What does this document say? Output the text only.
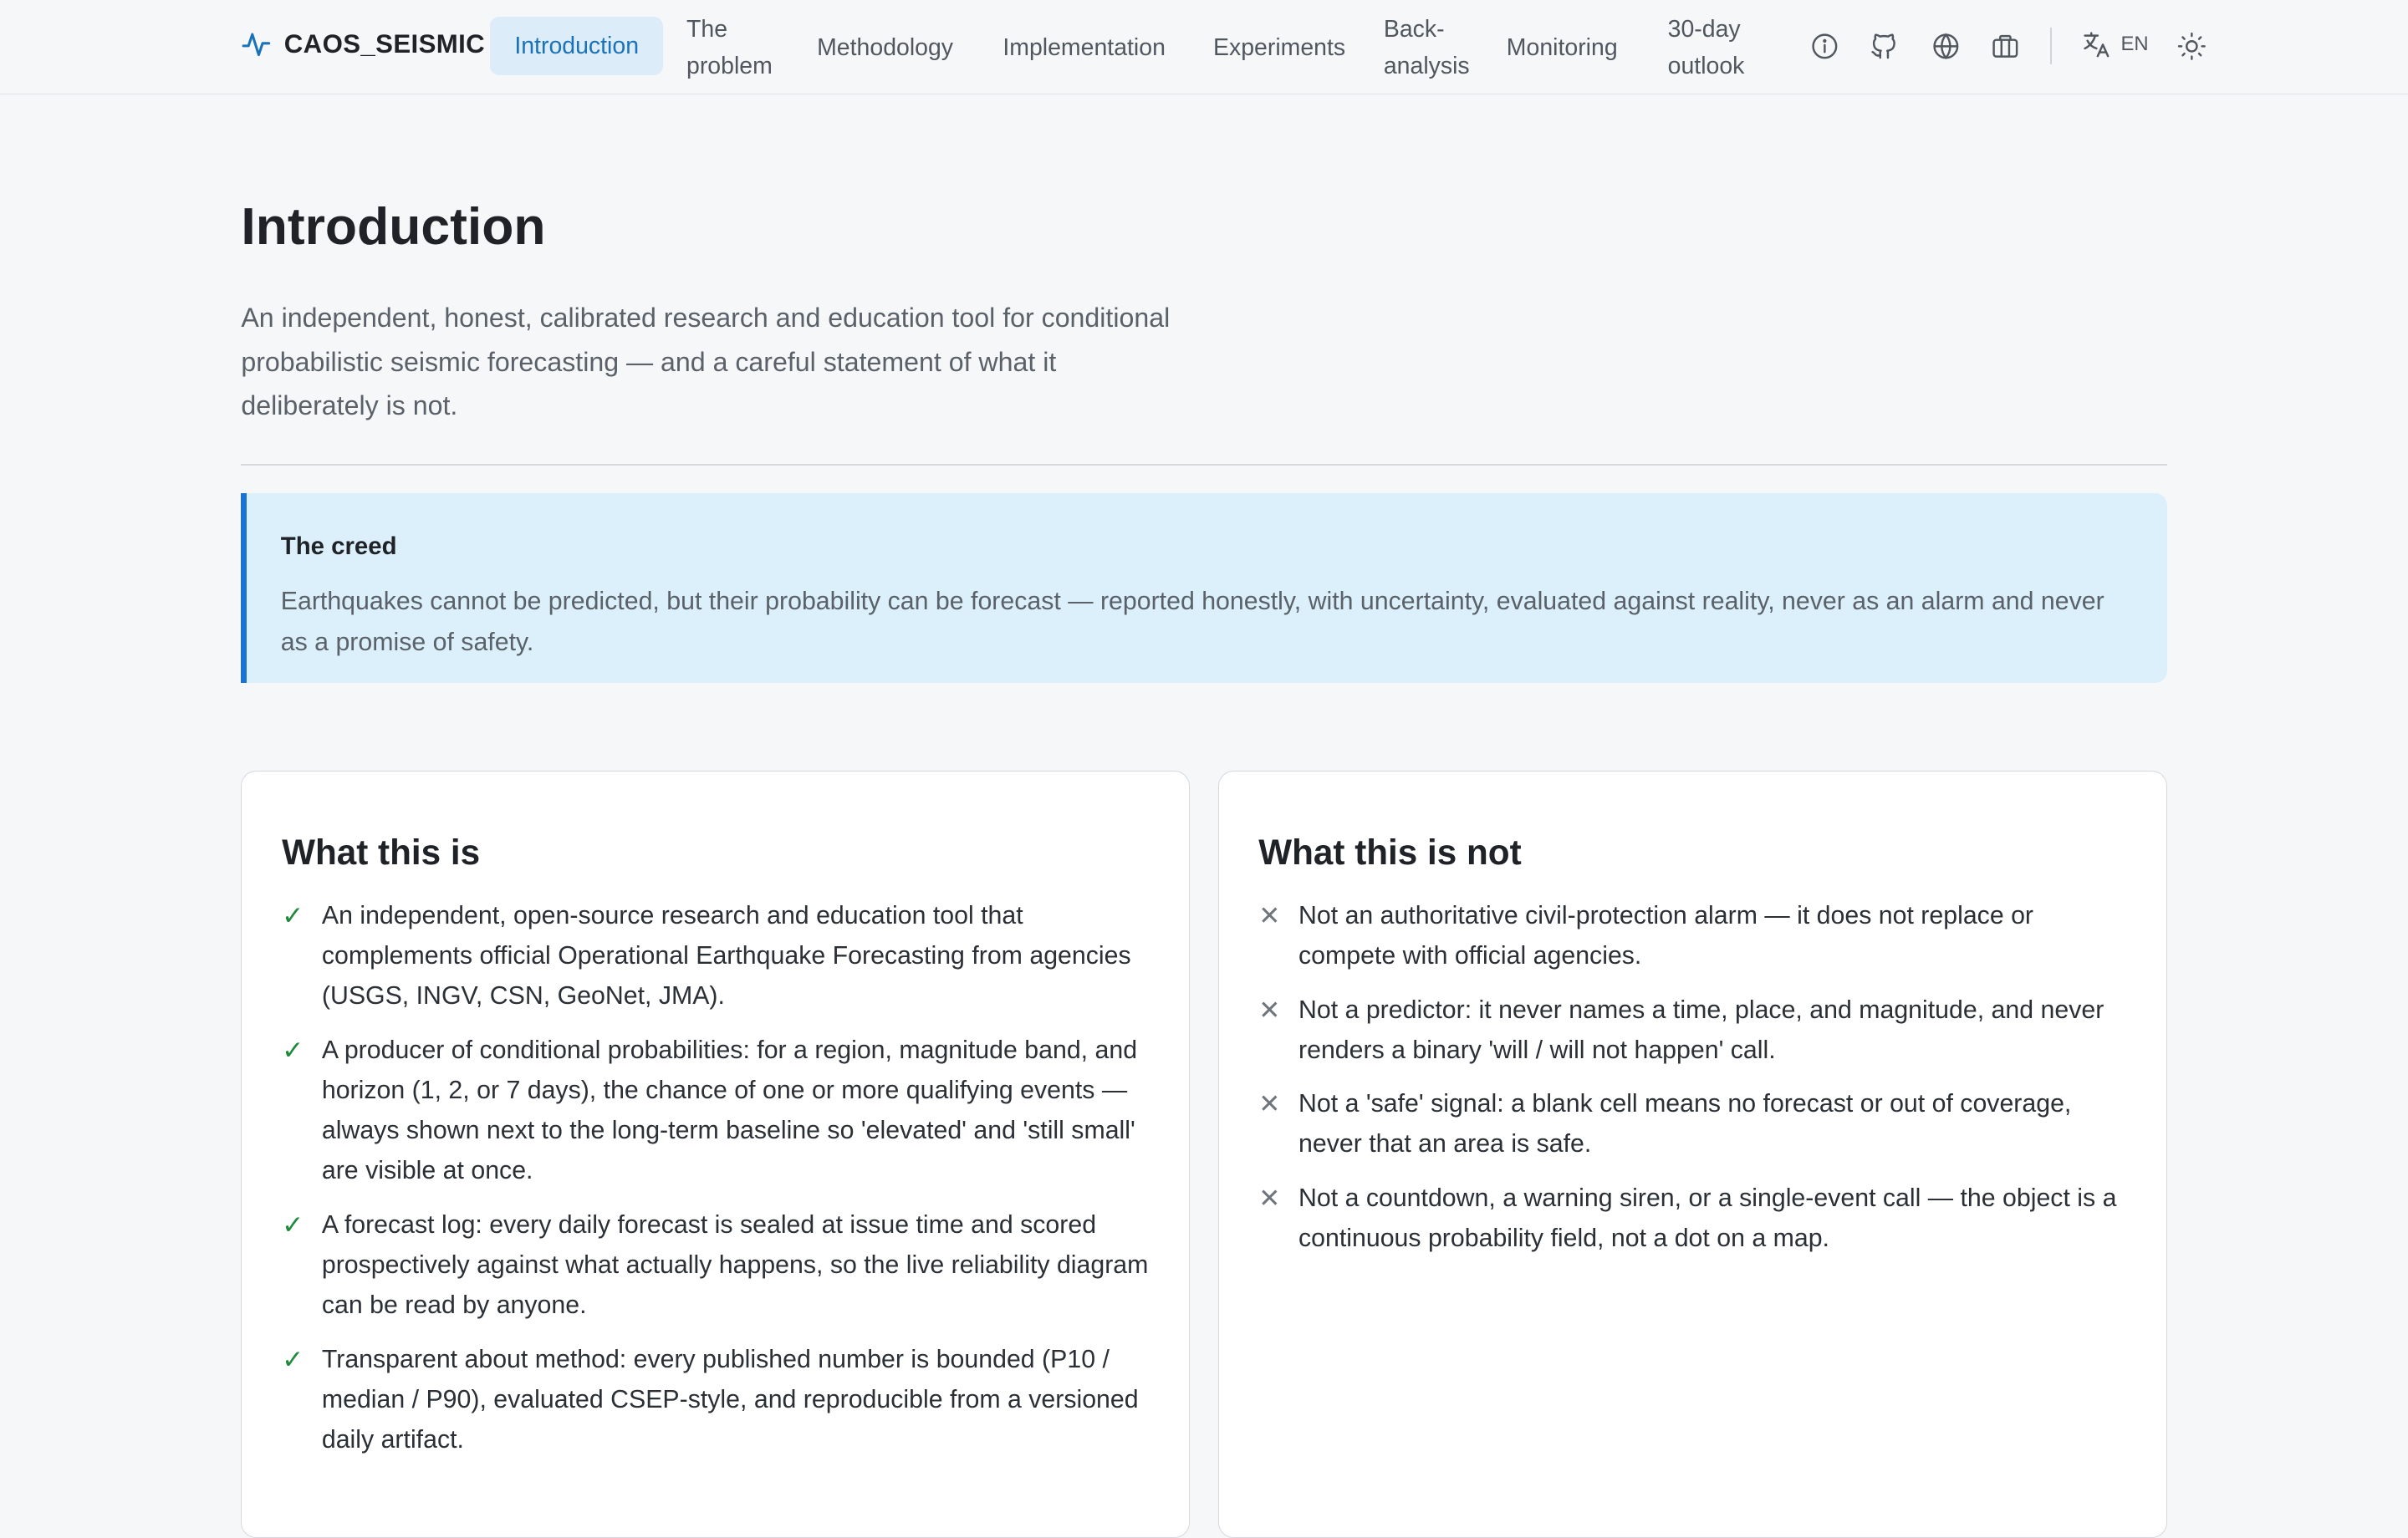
CAOS_SEISMIC Introduction
The
problem
Methodology	Implementation	Experiments
Back-
analysis
Monitoring
30-day
outlook
EN
Introduction

An independent, honest, calibrated research and education tool for conditional probabilistic seismic forecasting — and a careful statement of what it deliberately is not.

The creed
Earthquakes cannot be predicted, but their probability can be forecast — reported honestly, with uncertainty, evaluated against reality, never as an alarm and never as a promise of safety.
What this is
✓ An independent, open-source research and education tool that complements official Operational Earthquake Forecasting from agencies (USGS, INGV, CSN, GeoNet, JMA).
✓ A producer of conditional probabilities: for a region, magnitude band, and horizon (1, 2, or 7 days), the chance of one or more qualifying events — always shown next to the long-term baseline so 'elevated' and 'still small' are visible at once.
✓ A forecast log: every daily forecast is sealed at issue time and scored prospectively against what actually happens, so the live reliability diagram can be read by anyone.
✓ Transparent about method: every published number is bounded (P10 / median / P90), evaluated CSEP-style, and reproducible from a versioned daily artifact.
What this is not
✕ Not an authoritative civil-protection alarm — it does not replace or compete with official agencies.
✕ Not a predictor: it never names a time, place, and magnitude, and never renders a binary 'will / will not happen' call.
✕ Not a 'safe' signal: a blank cell means no forecast or out of coverage, never that an area is safe.
✕ Not a countdown, a warning siren, or a single-event call — the object is a continuous probability field, not a dot on a map.
